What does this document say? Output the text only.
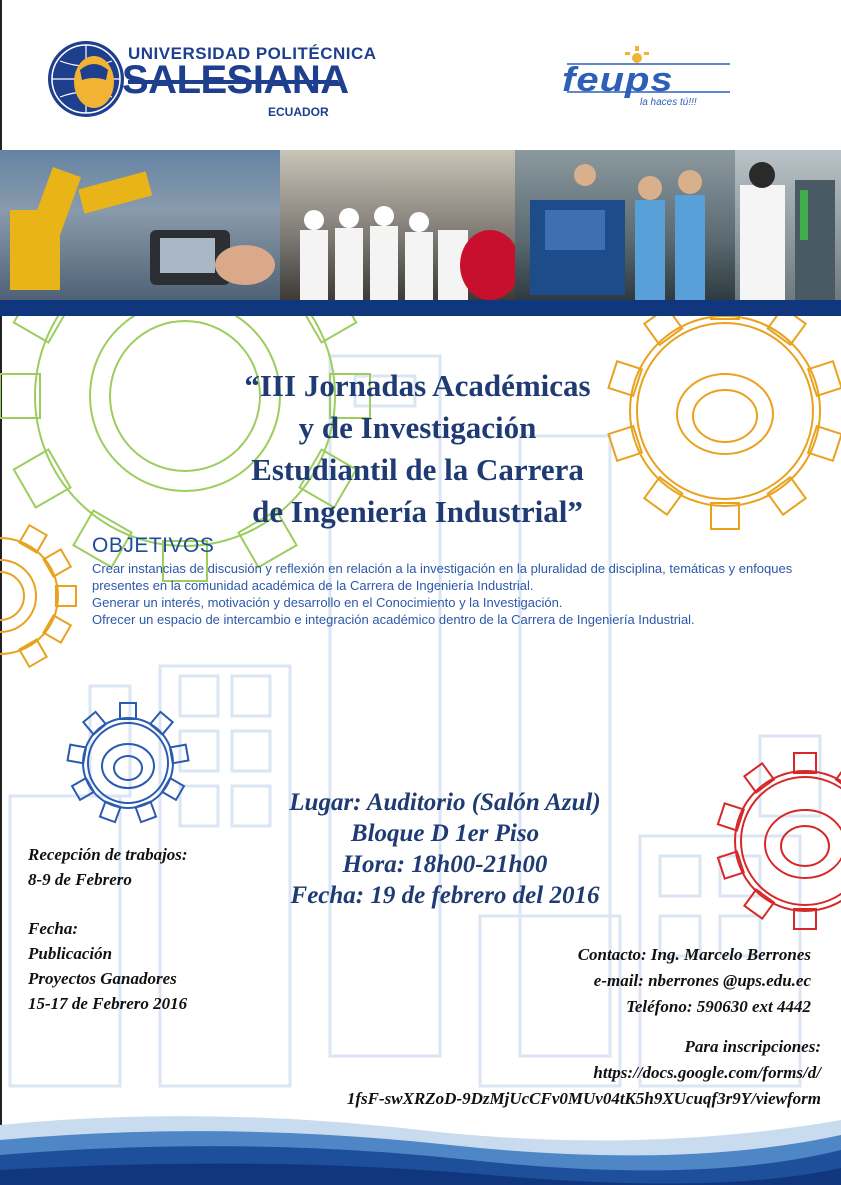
UNIVERSIDAD POLITÉCNICA
SALESIANA
ECUADOR
feups
la haces tú!!!
“III Jornadas Académicas
y de Investigación
Estudiantil de la Carrera
de Ingeniería Industrial”
OBJETIVOS
Crear instancias de discusión y reflexión en relación a la investigación en la pluralidad de disciplina, temáticas y enfoques presentes en la comunidad académica de la Carrera de Ingeniería Industrial.
Generar un interés, motivación y desarrollo en el Conocimiento y la Investigación.
Ofrecer un espacio de intercambio e integración académico dentro de la Carrera de Ingeniería Industrial.
Lugar: Auditorio (Salón Azul)
Bloque D 1er Piso
Hora: 18h00-21h00
Fecha: 19 de febrero del 2016
Recepción de trabajos:
8-9 de Febrero
Fecha:
Publicación
Proyectos Ganadores
15-17 de Febrero 2016
Contacto: Ing. Marcelo Berrones
e-mail: nberrones @ups.edu.ec
Teléfono: 590630 ext 4442
Para inscripciones:
https://docs.google.com/forms/d/
1fsF-swXRZoD-9DzMjUcCFv0MUv04tK5h9XUcuqf3r9Y/viewform
